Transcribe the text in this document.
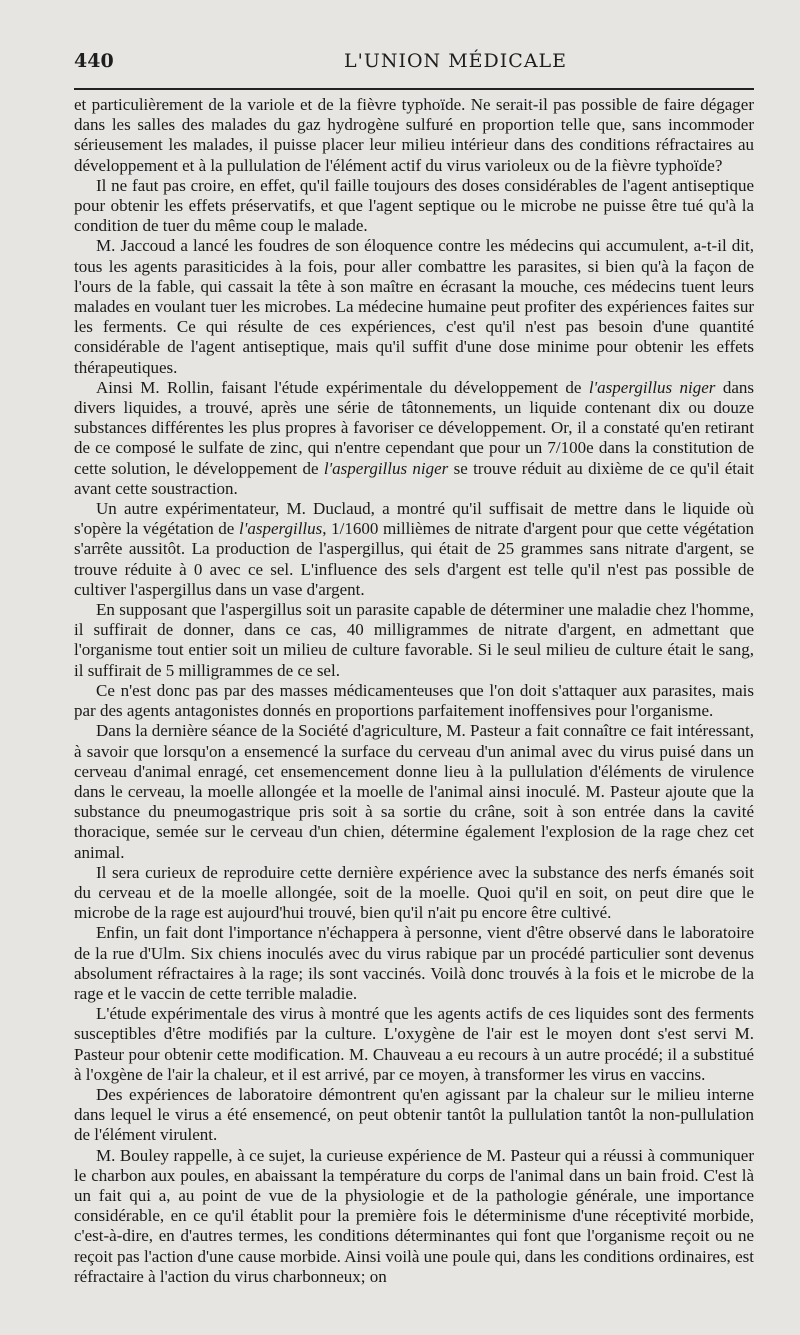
440	L'UNION MÉDICALE

et particulièrement de la variole et de la fièvre typhoïde. Ne serait-il pas possible de faire dégager dans les salles des malades du gaz hydrogène sulfuré en proportion telle que, sans incommoder sérieusement les malades, il puisse placer leur milieu intérieur dans des conditions réfractaires au développement et à la pullulation de l'élément actif du virus varioleux ou de la fièvre typhoïde?

Il ne faut pas croire, en effet, qu'il faille toujours des doses considérables de l'agent antiseptique pour obtenir les effets préservatifs, et que l'agent septique ou le microbe ne puisse être tué qu'à la condition de tuer du même coup le malade.

M. Jaccoud a lancé les foudres de son éloquence contre les médecins qui accumulent, a-t-il dit, tous les agents parasiticides à la fois, pour aller combattre les parasites, si bien qu'à la façon de l'ours de la fable, qui cassait la tête à son maître en écrasant la mouche, ces médecins tuent leurs malades en voulant tuer les microbes. La médecine humaine peut profiter des expériences faites sur les ferments. Ce qui résulte de ces expériences, c'est qu'il n'est pas besoin d'une quantité considérable de l'agent antiseptique, mais qu'il suffit d'une dose minime pour obtenir les effets thérapeutiques.

Ainsi M. Rollin, faisant l'étude expérimentale du développement de l'aspergillus niger dans divers liquides, a trouvé, après une série de tâtonnements, un liquide contenant dix ou douze substances différentes les plus propres à favoriser ce développement. Or, il a constaté qu'en retirant de ce composé le sulfate de zinc, qui n'entre cependant que pour un 7/100e dans la constitution de cette solution, le développement de l'aspergillus niger se trouve réduit au dixième de ce qu'il était avant cette soustraction.

Un autre expérimentateur, M. Duclaud, a montré qu'il suffisait de mettre dans le liquide où s'opère la végétation de l'aspergillus, 1/1600 millièmes de nitrate d'argent pour que cette végétation s'arrête aussitôt. La production de l'aspergillus, qui était de 25 grammes sans nitrate d'argent, se trouve réduite à 0 avec ce sel. L'influence des sels d'argent est telle qu'il n'est pas possible de cultiver l'aspergillus dans un vase d'argent.

En supposant que l'aspergillus soit un parasite capable de déterminer une maladie chez l'homme, il suffirait de donner, dans ce cas, 40 milligrammes de nitrate d'argent, en admettant que l'organisme tout entier soit un milieu de culture favorable. Si le seul milieu de culture était le sang, il suffirait de 5 milligrammes de ce sel.

Ce n'est donc pas par des masses médicamenteuses que l'on doit s'attaquer aux parasites, mais par des agents antagonistes donnés en proportions parfaitement inoffensives pour l'organisme.

Dans la dernière séance de la Société d'agriculture, M. Pasteur a fait connaître ce fait intéressant, à savoir que lorsqu'on a ensemencé la surface du cerveau d'un animal avec du virus puisé dans un cerveau d'animal enragé, cet ensemencement donne lieu à la pullulation d'éléments de virulence dans le cerveau, la moelle allongée et la moelle de l'animal ainsi inoculé. M. Pasteur ajoute que la substance du pneumogastrique pris soit à sa sortie du crâne, soit à son entrée dans la cavité thoracique, semée sur le cerveau d'un chien, détermine également l'explosion de la rage chez cet animal.

Il sera curieux de reproduire cette dernière expérience avec la substance des nerfs émanés soit du cerveau et de la moelle allongée, soit de la moelle. Quoi qu'il en soit, on peut dire que le microbe de la rage est aujourd'hui trouvé, bien qu'il n'ait pu encore être cultivé.

Enfin, un fait dont l'importance n'échappera à personne, vient d'être observé dans le laboratoire de la rue d'Ulm. Six chiens inoculés avec du virus rabique par un procédé particulier sont devenus absolument réfractaires à la rage; ils sont vaccinés. Voilà donc trouvés à la fois et le microbe de la rage et le vaccin de cette terrible maladie.

L'étude expérimentale des virus à montré que les agents actifs de ces liquides sont des ferments susceptibles d'être modifiés par la culture. L'oxygène de l'air est le moyen dont s'est servi M. Pasteur pour obtenir cette modification. M. Chauveau a eu recours à un autre procédé; il a substitué à l'oxgène de l'air la chaleur, et il est arrivé, par ce moyen, à transformer les virus en vaccins.

Des expériences de laboratoire démontrent qu'en agissant par la chaleur sur le milieu interne dans lequel le virus a été ensemencé, on peut obtenir tantôt la pullulation tantôt la non-pullulation de l'élément virulent.

M. Bouley rappelle, à ce sujet, la curieuse expérience de M. Pasteur qui a réussi à communiquer le charbon aux poules, en abaissant la température du corps de l'animal dans un bain froid. C'est là un fait qui a, au point de vue de la physiologie et de la pathologie générale, une importance considérable, en ce qu'il établit pour la première fois le déterminisme d'une réceptivité morbide, c'est-à-dire, en d'autres termes, les conditions déterminantes qui font que l'organisme reçoit ou ne reçoit pas l'action d'une cause morbide. Ainsi voilà une poule qui, dans les conditions ordinaires, est réfractaire à l'action du virus charbonneux; on
